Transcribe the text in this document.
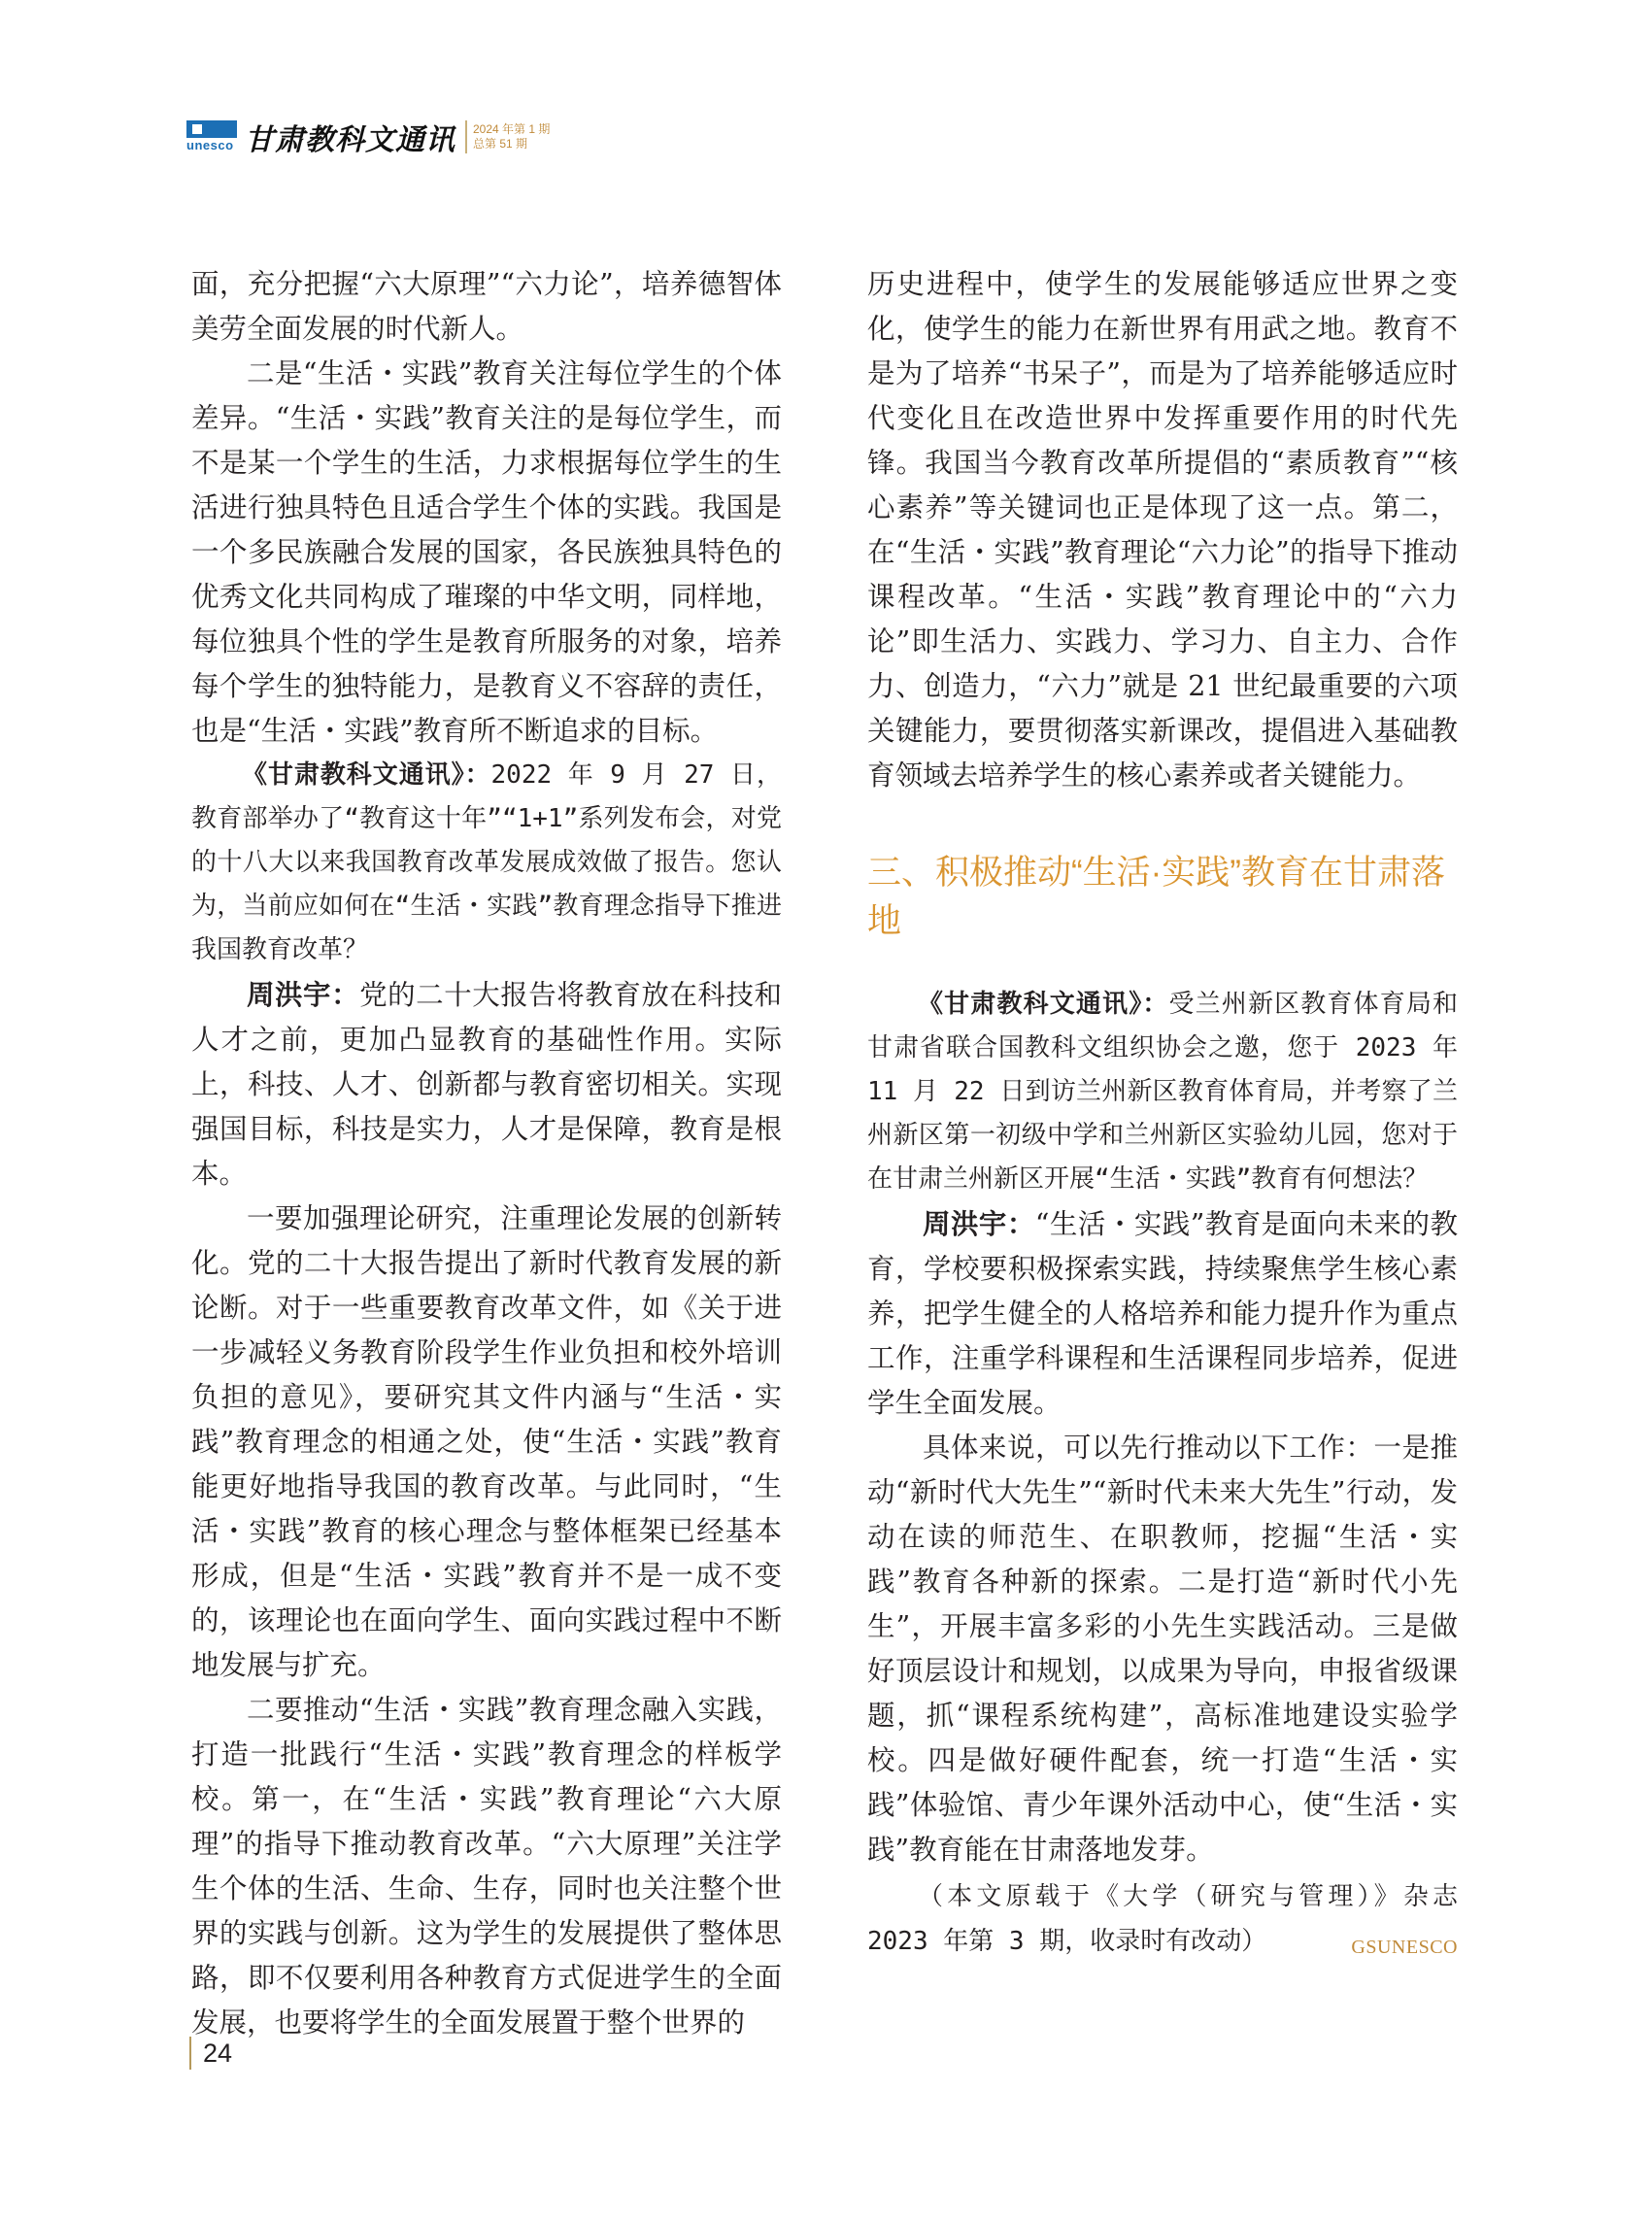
unesco 甘肃教科文通讯 2024 年第 1 期
总第 51 期

面，充分把握“六大原理”“六力论”，培养德智体美劳全面发展的时代新人。

二是“生活・实践”教育关注每位学生的个体差异。“生活・实践”教育关注的是每位学生，而不是某一个学生的生活，力求根据每位学生的生活进行独具特色且适合学生个体的实践。我国是一个多民族融合发展的国家，各民族独具特色的优秀文化共同构成了璀璨的中华文明，同样地，每位独具个性的学生是教育所服务的对象，培养每个学生的独特能力，是教育义不容辞的责任，也是“生活・实践”教育所不断追求的目标。

《甘肃教科文通讯》：2022 年 9 月 27 日，教育部举办了“教育这十年”“1+1”系列发布会，对党的十八大以来我国教育改革发展成效做了报告。您认为，当前应如何在“生活・实践”教育理念指导下推进我国教育改革？

周洪宇：党的二十大报告将教育放在科技和人才之前，更加凸显教育的基础性作用。实际上，科技、人才、创新都与教育密切相关。实现强国目标，科技是实力，人才是保障，教育是根本。

一要加强理论研究，注重理论发展的创新转化。党的二十大报告提出了新时代教育发展的新论断。对于一些重要教育改革文件，如《关于进一步减轻义务教育阶段学生作业负担和校外培训负担的意见》，要研究其文件内涵与“生活・实践”教育理念的相通之处，使“生活・实践”教育能更好地指导我国的教育改革。与此同时，“生活・实践”教育的核心理念与整体框架已经基本形成，但是“生活・实践”教育并不是一成不变的，该理论也在面向学生、面向实践过程中不断地发展与扩充。

二要推动“生活・实践”教育理念融入实践，打造一批践行“生活・实践”教育理念的样板学校。第一，在“生活・实践”教育理论“六大原理”的指导下推动教育改革。“六大原理”关注学生个体的生活、生命、生存，同时也关注整个世界的实践与创新。这为学生的发展提供了整体思路，即不仅要利用各种教育方式促进学生的全面发展，也要将学生的全面发展置于整个世界的

历史进程中，使学生的发展能够适应世界之变化，使学生的能力在新世界有用武之地。教育不是为了培养“书呆子”，而是为了培养能够适应时代变化且在改造世界中发挥重要作用的时代先锋。我国当今教育改革所提倡的“素质教育”“核心素养”等关键词也正是体现了这一点。第二，在“生活・实践”教育理论“六力论”的指导下推动课程改革。“生活・实践”教育理论中的“六力论”即生活力、实践力、学习力、自主力、合作力、创造力，“六力”就是 21 世纪最重要的六项关键能力，要贯彻落实新课改，提倡进入基础教育领域去培养学生的核心素养或者关键能力。

三、积极推动“生活·实践”教育在甘肃落地

《甘肃教科文通讯》：受兰州新区教育体育局和甘肃省联合国教科文组织协会之邀，您于 2023 年 11 月 22 日到访兰州新区教育体育局，并考察了兰州新区第一初级中学和兰州新区实验幼儿园，您对于在甘肃兰州新区开展“生活・实践”教育有何想法？

周洪宇：“生活・实践”教育是面向未来的教育，学校要积极探索实践，持续聚焦学生核心素养，把学生健全的人格培养和能力提升作为重点工作，注重学科课程和生活课程同步培养，促进学生全面发展。

具体来说，可以先行推动以下工作：一是推动“新时代大先生”“新时代未来大先生”行动，发动在读的师范生、在职教师，挖掘“生活・实践”教育各种新的探索。二是打造“新时代小先生”，开展丰富多彩的小先生实践活动。三是做好顶层设计和规划，以成果为导向，申报省级课题，抓“课程系统构建”，高标准地建设实验学校。四是做好硬件配套，统一打造“生活・实践”体验馆、青少年课外活动中心，使“生活・实践”教育能在甘肃落地发芽。

（本文原载于《大学（研究与管理）》杂志 2023 年第 3 期，收录时有改动）	GSUNESCO

24
